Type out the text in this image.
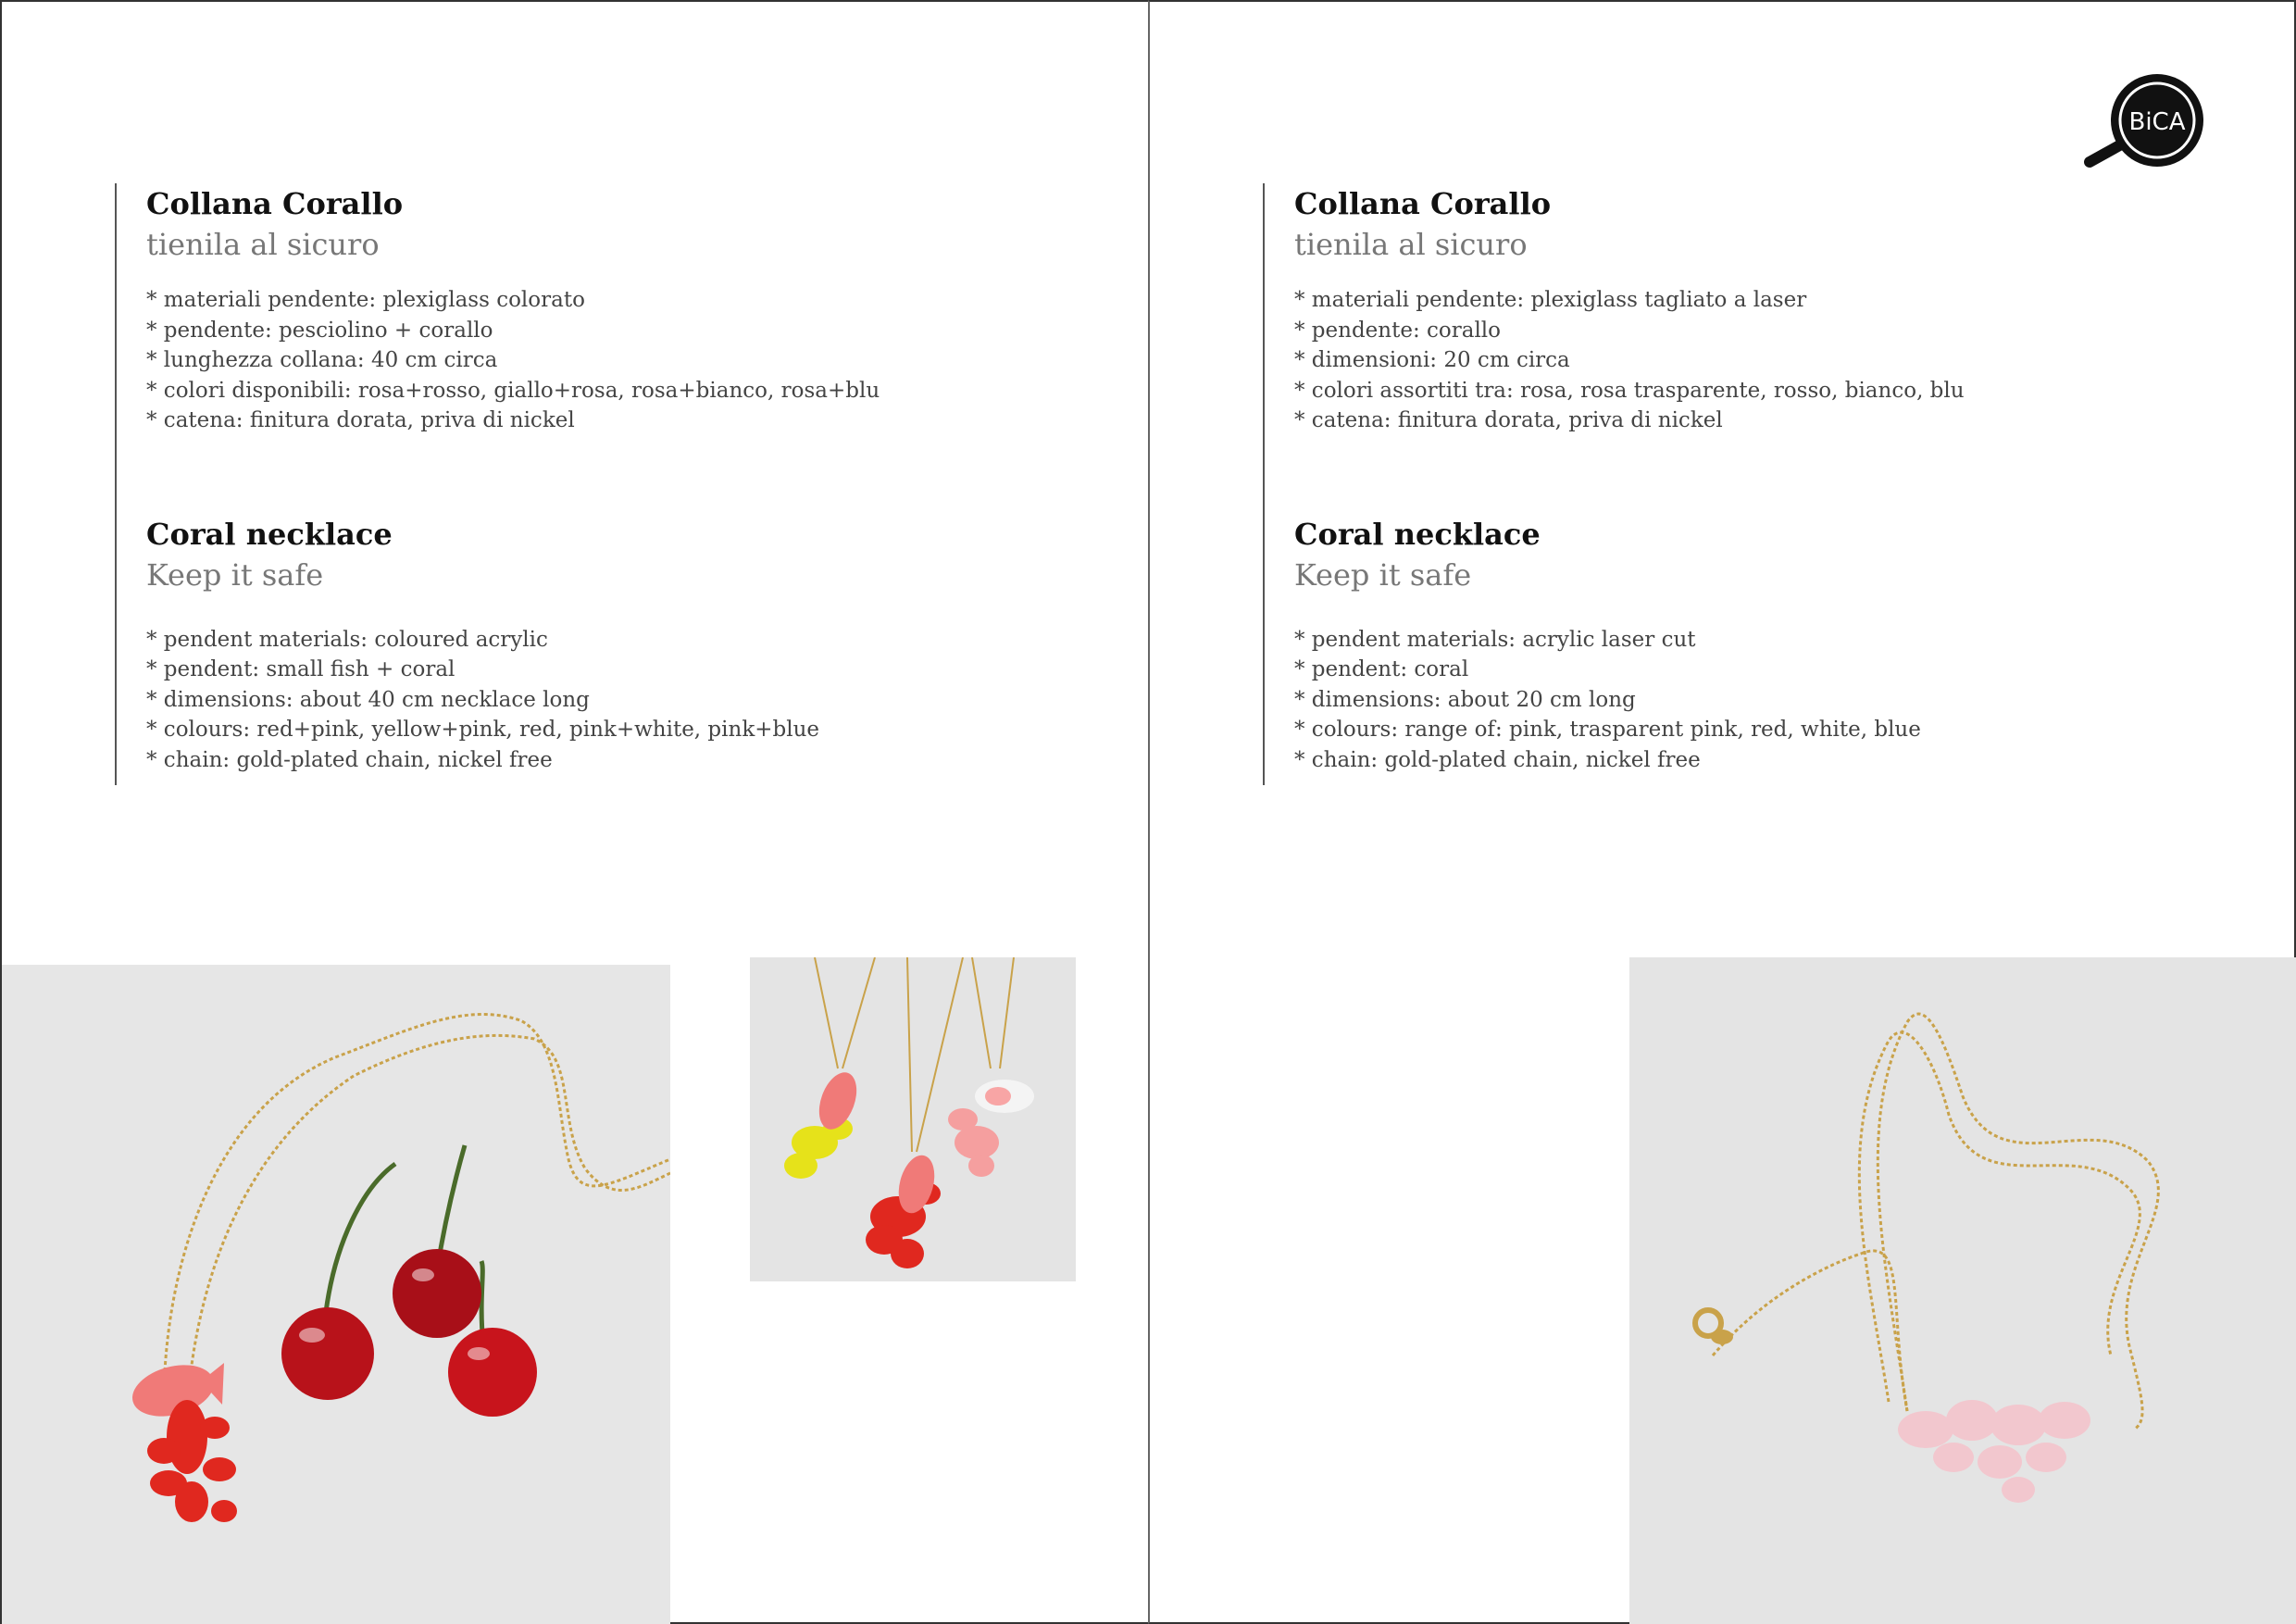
Collana Corallo

tienila al sicuro

* materiali pendente: plexiglass colorato
* pendente: pesciolino + corallo
* lunghezza collana: 40 cm circa
* colori disponibili: rosa+rosso, giallo+rosa, rosa+bianco, rosa+blu
* catena: finitura dorata, priva di nickel
Coral necklace

Keep it safe

* pendent materials: coloured acrylic
* pendent: small fish + coral
* dimensions: about 40 cm necklace long
* colours: red+pink, yellow+pink, red, pink+white, pink+blue
* chain: gold-plated chain, nickel free
Collana Corallo

tienila al sicuro

* materiali pendente: plexiglass tagliato a laser
* pendente: corallo
* dimensioni: 20 cm circa
* colori assortiti tra: rosa, rosa trasparente, rosso, bianco, blu
* catena: finitura dorata, priva di nickel
Coral necklace

Keep it safe

* pendent materials: acrylic laser cut
* pendent: coral
* dimensions: about 20 cm long
* colours: range of: pink, trasparent pink, red, white, blue
* chain: gold-plated chain, nickel free
BiCA
